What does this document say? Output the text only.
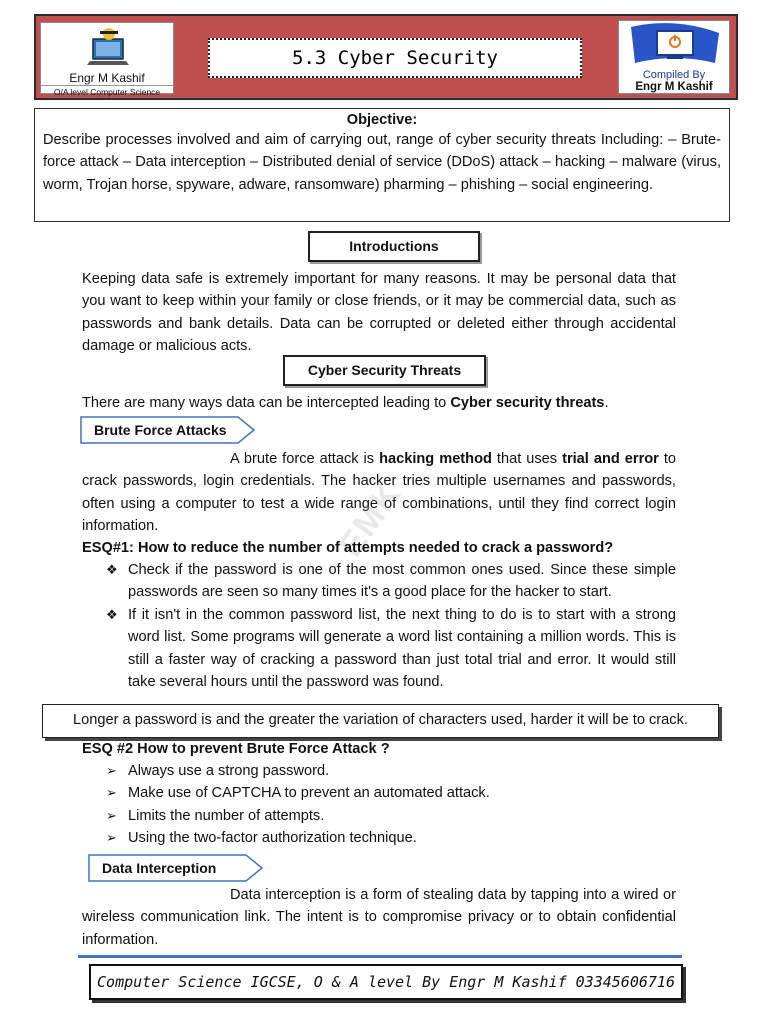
Engr M Kashif
O/A level Computer Science
5.3 Cyber Security
Compiled By
Engr M Kashif
Objective:
Describe processes involved and aim of carrying out, range of cyber security threats Including: – Brute-force attack – Data interception – Distributed denial of service (DDoS) attack – hacking – malware (virus, worm, Trojan horse, spyware, adware, ransomware) pharming – phishing – social engineering.
Introductions
Keeping data safe is extremely important for many reasons. It may be personal data that you want to keep within your family or close friends, or it may be commercial data, such as passwords and bank details. Data can be corrupted or deleted either through accidental damage or malicious acts.
Cyber Security Threats
There are many ways data can be intercepted leading to Cyber security threats.
Brute Force Attacks
A brute force attack is hacking method that uses trial and error to crack passwords, login credentials. The hacker tries multiple usernames and passwords, often using a computer to test a wide range of combinations, until they find correct login information.	EMK
ESQ#1: How to reduce the number of attempts needed to crack a password?
❖ Check if the password is one of the most common ones used. Since these simple passwords are seen so many times it's a good place for the hacker to start.
❖ If it isn't in the common password list, the next thing to do is to start with a strong word list. Some programs will generate a word list containing a million words. This is still a faster way of cracking a password than just total trial and error. It would still take several hours until the password was found.
Longer a password is and the greater the variation of characters used, harder it will be to crack.
ESQ #2 How to prevent Brute Force Attack ?
➢ Always use a strong password.
➢ Make use of CAPTCHA to prevent an automated attack.
➢ Limits the number of attempts.
➢ Using the two-factor authorization technique.
Data Interception
Data interception is a form of stealing data by tapping into a wired or wireless communication link. The intent is to compromise privacy or to obtain confidential information.
Computer Science IGCSE, O & A level By Engr M Kashif 03345606716
